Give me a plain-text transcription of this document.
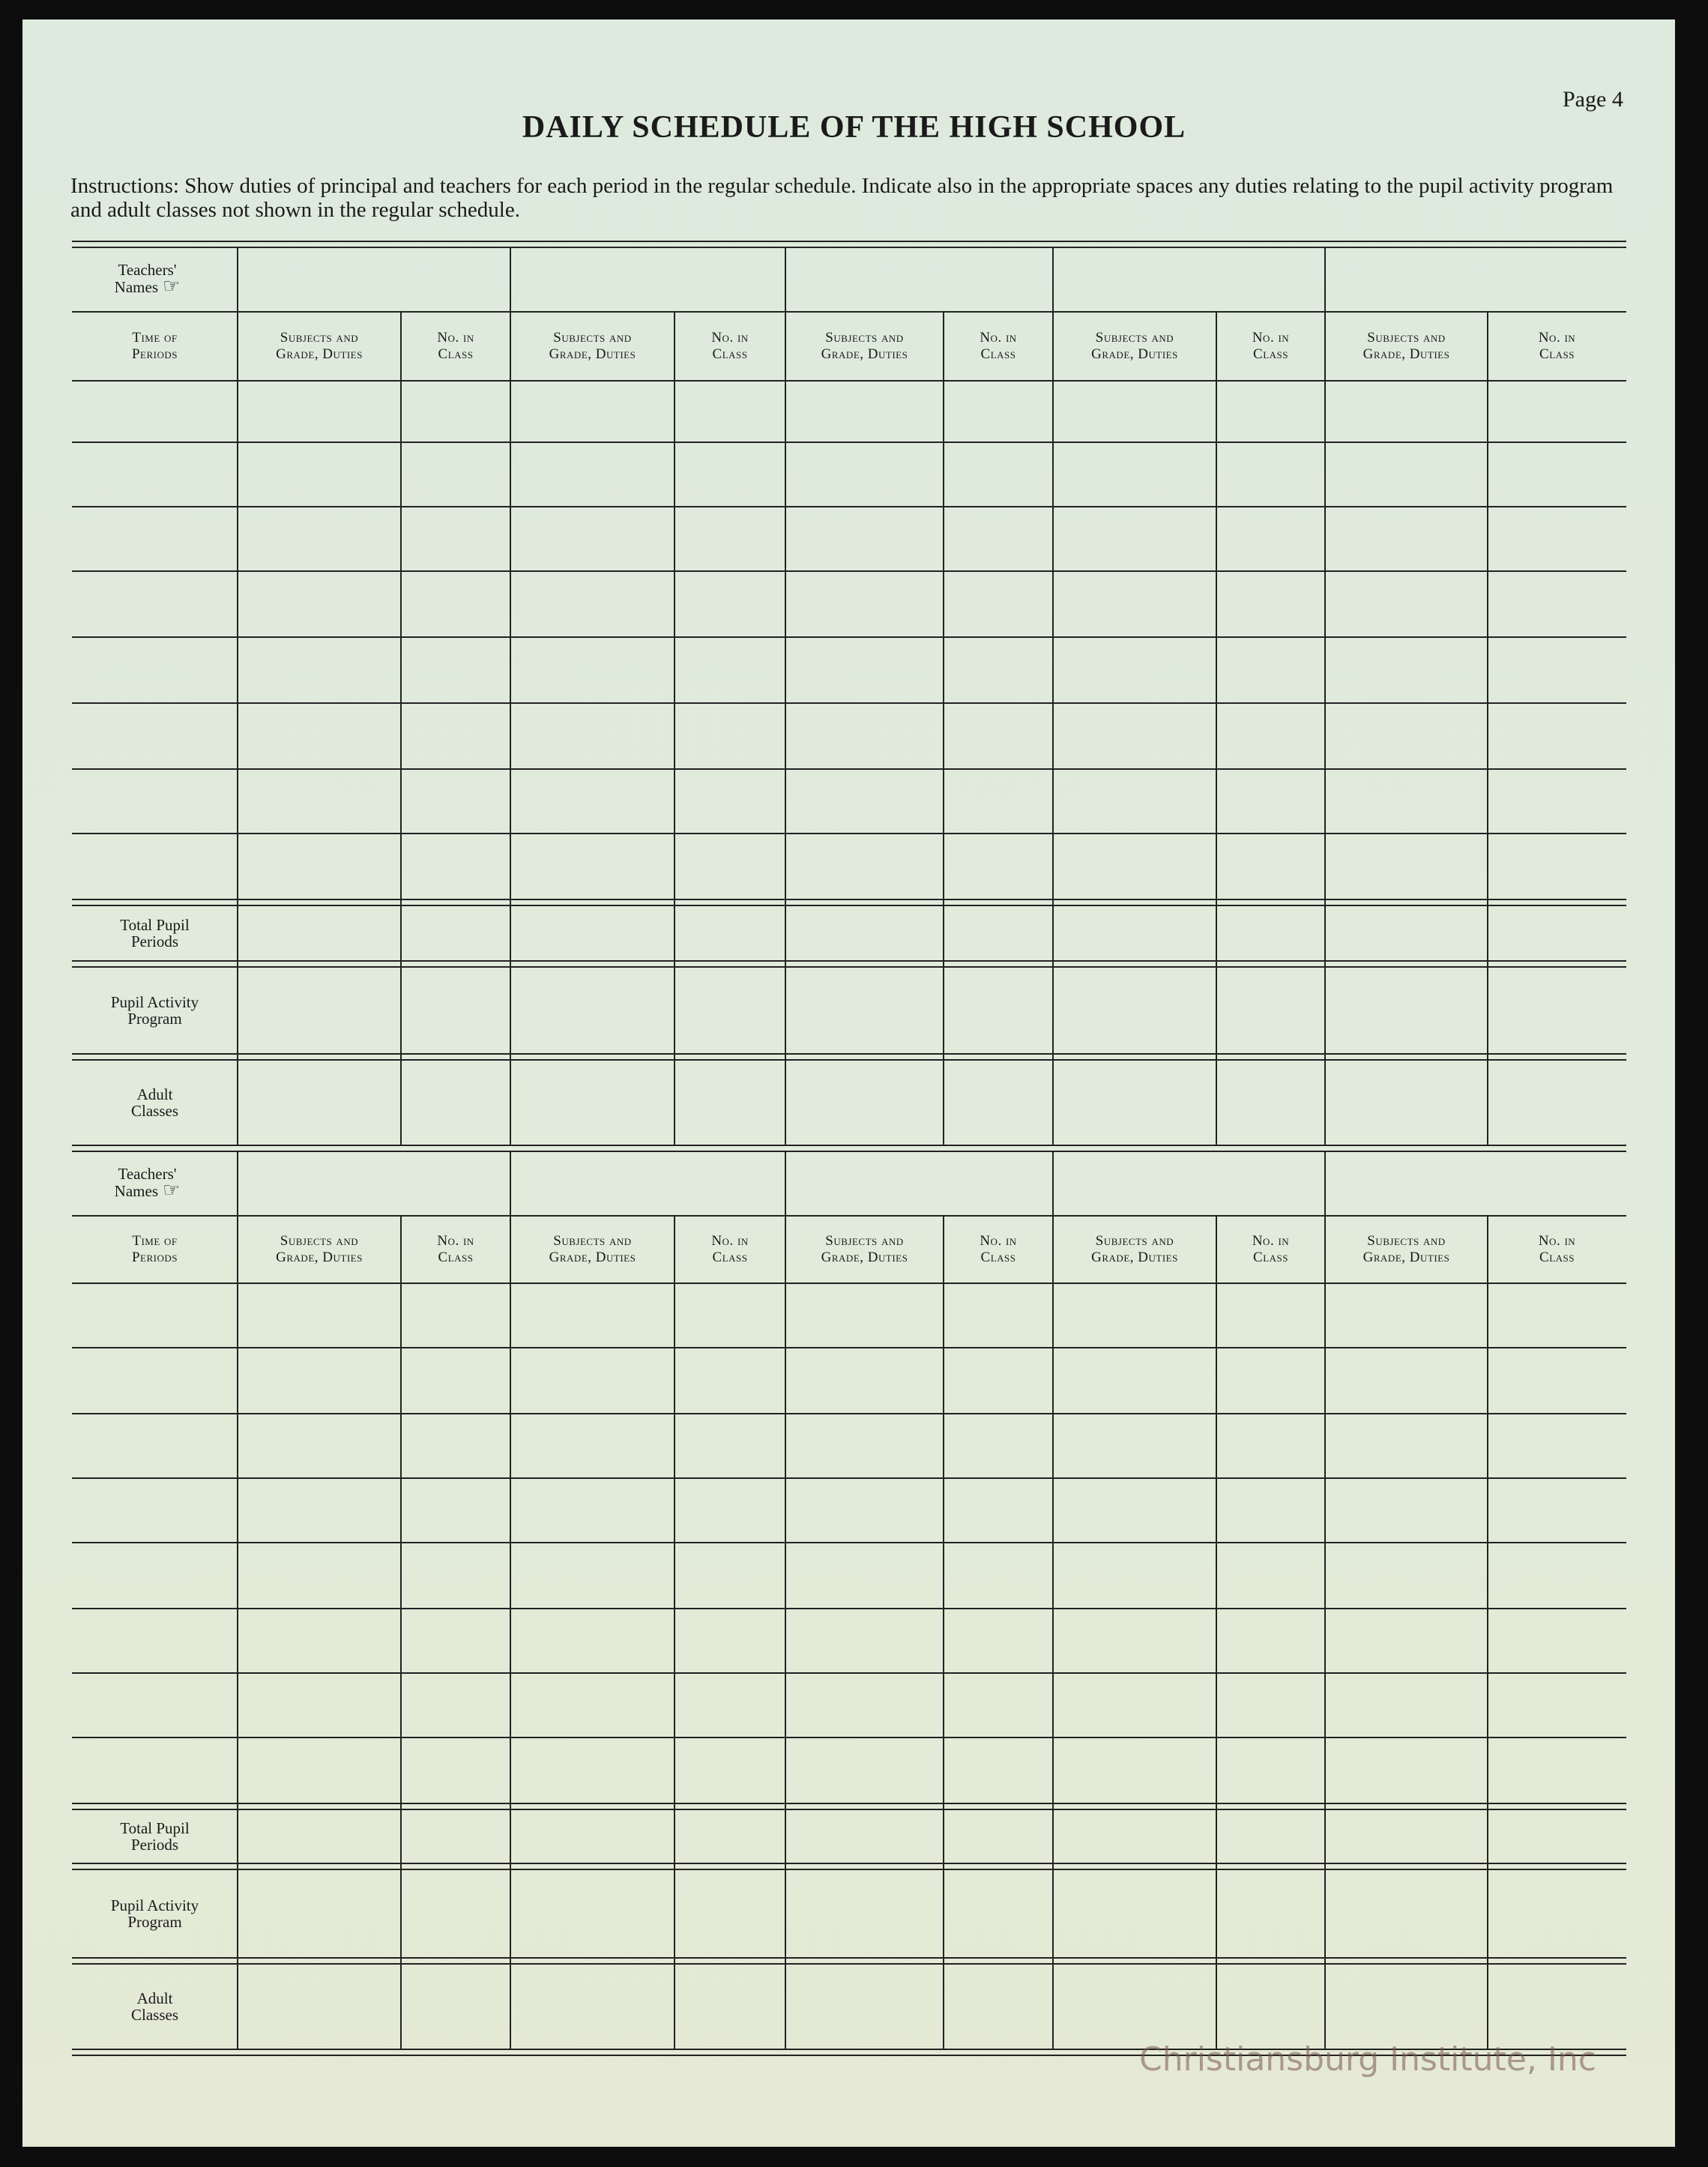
Page 4
DAILY SCHEDULE OF THE HIGH SCHOOL
Instructions: Show duties of principal and teachers for each period in the regular schedule. Indicate also in the appropriate spaces any duties relating to the pupil activity program and adult classes not shown in the regular schedule.
Teachers'
Names ☞
Time of
Periods
Subjects and
Grade, Duties
No. in
Class
Subjects and
Grade, Duties
No. in
Class
Subjects and
Grade, Duties
No. in
Class
Subjects and
Grade, Duties
No. in
Class
Subjects and
Grade, Duties
No. in
Class
Total Pupil
Periods
Pupil Activity
Program
Adult
Classes
Teachers'
Names ☞
Time of
Periods
Subjects and
Grade, Duties
No. in
Class
Subjects and
Grade, Duties
No. in
Class
Subjects and
Grade, Duties
No. in
Class
Subjects and
Grade, Duties
No. in
Class
Subjects and
Grade, Duties
No. in
Class
Total Pupil
Periods
Pupil Activity
Program
Adult
Classes
Christiansburg Institute, Inc
